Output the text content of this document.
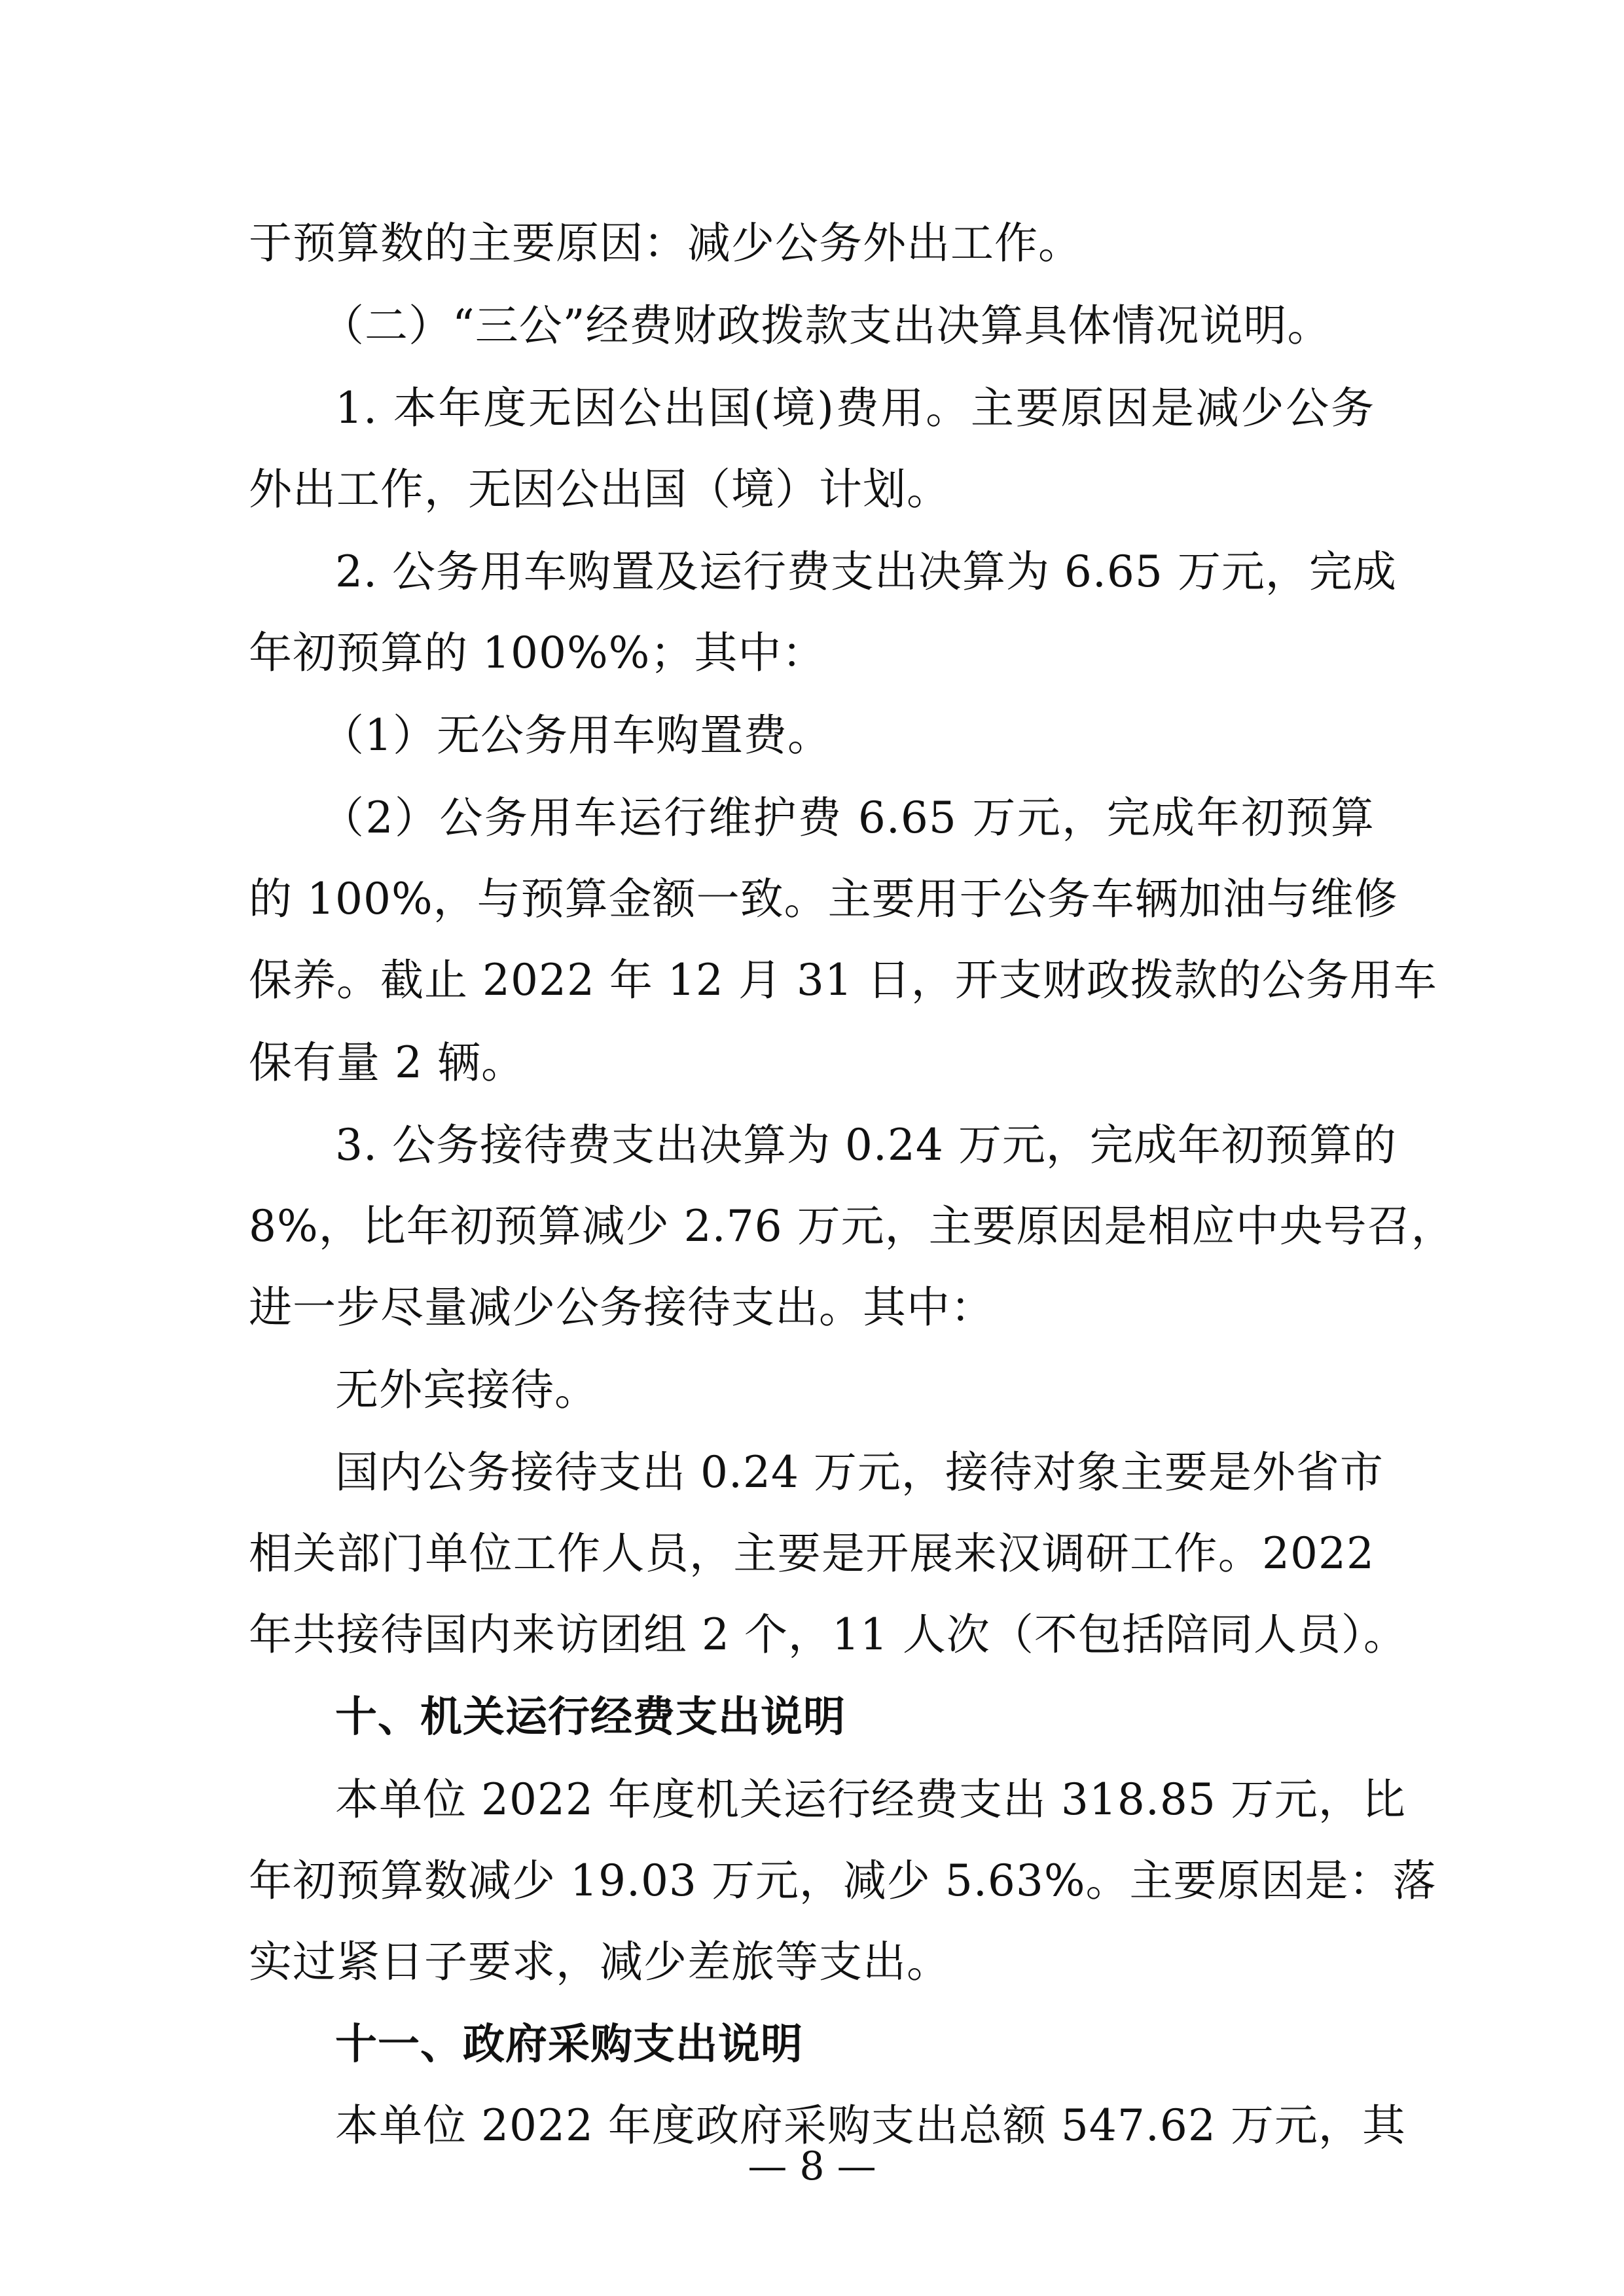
于预算数的主要原因：减少公务外出工作。
（二）“三公”经费财政拨款支出决算具体情况说明。
1. 本年度无因公出国(境)费用。主要原因是减少公务
外出工作，无因公出国（境）计划。
2. 公务用车购置及运行费支出决算为 6.65 万元，完成
年初预算的 100%%；其中：
（1）无公务用车购置费。
（2）公务用车运行维护费 6.65 万元，完成年初预算
的 100%，与预算金额一致。主要用于公务车辆加油与维修
保养。截止 2022 年 12 月 31 日，开支财政拨款的公务用车
保有量 2 辆。
3. 公务接待费支出决算为 0.24 万元，完成年初预算的
8%，比年初预算减少 2.76 万元，主要原因是相应中央号召，
进一步尽量减少公务接待支出。其中：
无外宾接待。
国内公务接待支出 0.24 万元，接待对象主要是外省市
相关部门单位工作人员，主要是开展来汉调研工作。2022
年共接待国内来访团组 2 个，11 人次（不包括陪同人员）。
十、机关运行经费支出说明
本单位 2022 年度机关运行经费支出 318.85 万元，比
年初预算数减少 19.03 万元，减少 5.63%。主要原因是：落
实过紧日子要求，减少差旅等支出。
十一、政府采购支出说明
本单位 2022 年度政府采购支出总额 547.62 万元，其
— 8 —
